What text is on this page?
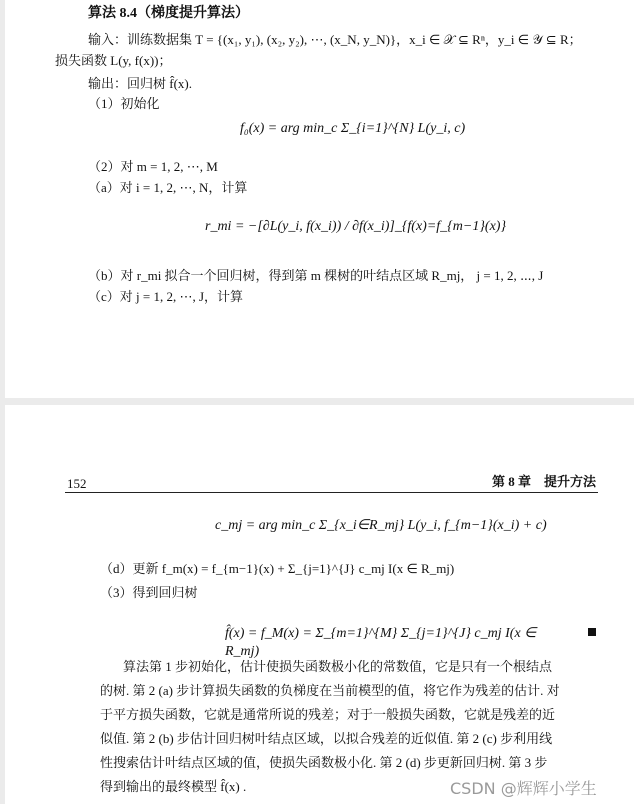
算法 8.4（梯度提升算法）
输入：训练数据集 T = {(x₁, y₁), (x₂, y₂), ⋯, (x_N, y_N)}，x_i ∈ 𝒳 ⊆ Rⁿ，y_i ∈ 𝒴 ⊆ R；
损失函数 L(y, f(x))；
输出：回归树 f̂(x).
（1）初始化
f₀(x) = arg min_c Σ_{i=1}^{N} L(y_i, c)
（2）对 m = 1, 2, ⋯, M
（a）对 i = 1, 2, ⋯, N，计算
r_mi = −[∂L(y_i, f(x_i)) / ∂f(x_i)]_{f(x)=f_{m−1}(x)}
（b）对 r_mi 拟合一个回归树，得到第 m 棵树的叶结点区域 R_mj， j = 1, 2, ⋯, J
（c）对 j = 1, 2, ⋯, J，计算
152	第 8 章　提升方法
c_mj = arg min_c Σ_{x_i∈R_mj} L(y_i, f_{m−1}(x_i) + c)
（d）更新 f_m(x) = f_{m−1}(x) + Σ_{j=1}^{J} c_mj I(x ∈ R_mj)
（3）得到回归树
f̂(x) = f_M(x) = Σ_{m=1}^{M} Σ_{j=1}^{J} c_mj I(x ∈ R_mj)
算法第 1 步初始化，估计使损失函数极小化的常数值，它是只有一个根结点
的树. 第 2 (a) 步计算损失函数的负梯度在当前模型的值，将它作为残差的估计. 对
于平方损失函数，它就是通常所说的残差；对于一般损失函数，它就是残差的近
似值. 第 2 (b) 步估计回归树叶结点区域，以拟合残差的近似值. 第 2 (c) 步利用线
性搜索估计叶结点区域的值，使损失函数极小化. 第 2 (d) 步更新回归树. 第 3 步
得到输出的最终模型 f̂(x) .	CSDN @辉辉小学生
